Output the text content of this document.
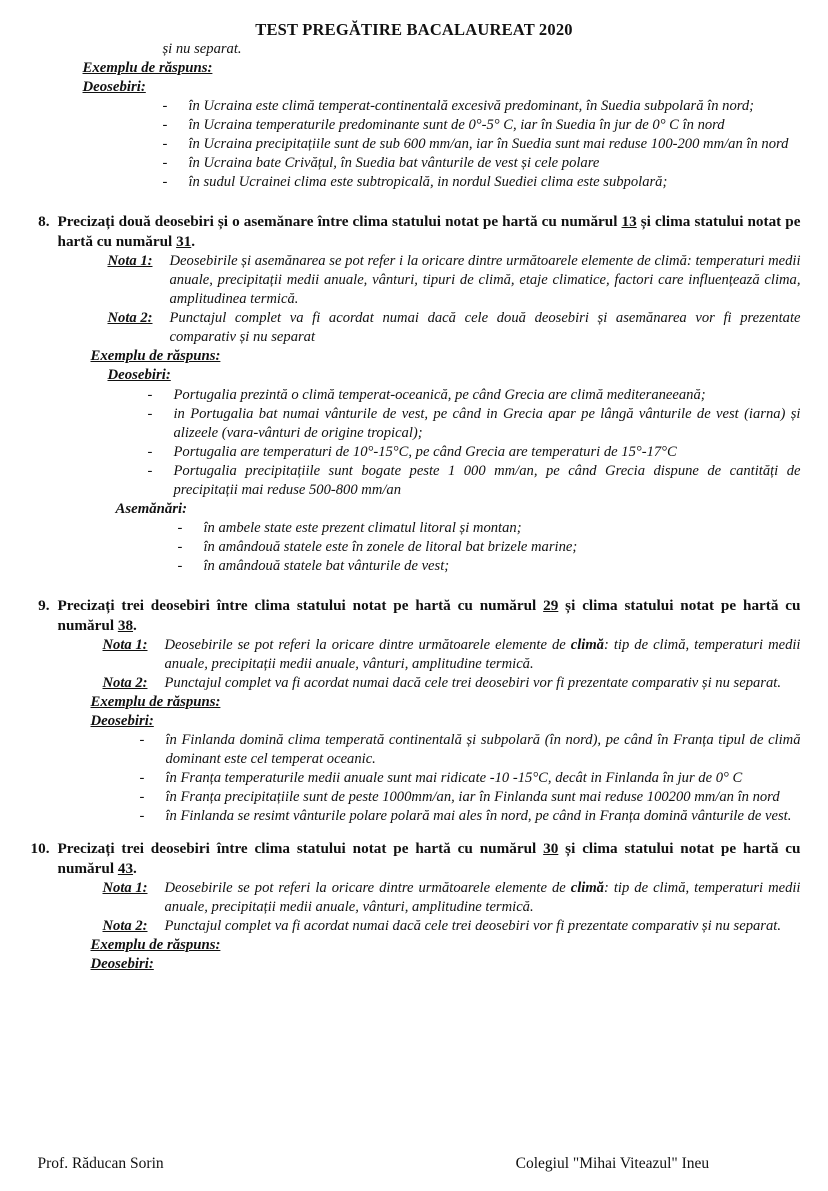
TEST PREGĂTIRE BACALAUREAT 2020
și nu separat.
Exemplu de răspuns:
Deosebiri:
-	în Ucraina este climă temperat-continentală excesivă predominant, în Suedia subpolară în nord;
-	în Ucraina temperaturile predominante sunt de 0°-5° C, iar în Suedia în jur de 0° C în nord
-	în Ucraina precipitațiile sunt de sub 600 mm/an, iar în Suedia sunt mai reduse 100-200 mm/an în nord
-	în Ucraina bate Crivățul, în Suedia bat vânturile de vest și cele polare
-	în sudul Ucrainei clima este subtropicală, in nordul Suediei clima este subpolară;
8. Precizați două deosebiri și o asemănare între clima statului notat pe hartă cu numărul 13 și clima statului notat pe hartă cu numărul 31.
Nota 1:	Deosebirile și asemănarea se pot refer i la oricare dintre următoarele elemente de climă: temperaturi medii anuale, precipitații medii anuale, vânturi, tipuri de climă, etaje climatice, factori care influențează clima, amplitudinea termică.
Nota 2:	Punctajul complet va fi acordat numai dacă cele două deosebiri și asemănarea vor fi prezentate comparativ și nu separat
Exemplu de răspuns:
Deosebiri:
-	Portugalia prezintă o climă temperat-oceanică, pe când Grecia are climă mediteraneeană;
-	in Portugalia bat numai vânturile de vest, pe când in Grecia apar pe lângă vânturile de vest (iarna) și alizeele (vara-vânturi de origine tropical);
-	Portugalia are temperaturi de 10°-15°C, pe când Grecia are temperaturi de 15°-17°C
-	Portugalia precipitațiile sunt bogate peste 1 000 mm/an, pe când Grecia dispune de cantități de precipitații mai reduse 500-800 mm/an
Asemănări:
-	în ambele state este prezent climatul litoral și montan;
-	în amândouă statele este în zonele de litoral bat brizele marine;
-	în amândouă statele bat vânturile de vest;
9. Precizați trei deosebiri între clima statului notat pe hartă cu numărul 29 și clima statului notat pe hartă cu numărul 38.
Nota 1:	Deosebirile se pot referi la oricare dintre următoarele elemente de climă: tip de climă, temperaturi medii anuale, precipitații medii anuale, vânturi, amplitudine termică.
Nota 2:	Punctajul complet va fi acordat numai dacă cele trei deosebiri vor fi prezentate comparativ și nu separat.
Exemplu de răspuns:
Deosebiri:
-	în Finlanda domină clima temperată continentală și subpolară (în nord), pe când în Franța tipul de climă dominant este cel temperat oceanic.
-	în Franța temperaturile medii anuale sunt mai ridicate -10 -15°C, decât in Finlanda în jur de 0° C
-	în Franța precipitațiile sunt de peste 1000mm/an, iar în Finlanda sunt mai reduse 100200 mm/an în nord
-	în Finlanda se resimt vânturile polare polară mai ales în nord, pe când in Franța domină vânturile de vest.
10. Precizați trei deosebiri între clima statului notat pe hartă cu numărul 30 și clima statului notat pe hartă cu numărul 43.
Nota 1:	Deosebirile se pot referi la oricare dintre următoarele elemente de climă: tip de climă, temperaturi medii anuale, precipitații medii anuale, vânturi, amplitudine termică.
Nota 2:	Punctajul complet va fi acordat numai dacă cele trei deosebiri vor fi prezentate comparativ și nu separat.
Exemplu de răspuns:
Deosebiri:
Prof. Răducan Sorin	Colegiul "Mihai Viteazul" Ineu
